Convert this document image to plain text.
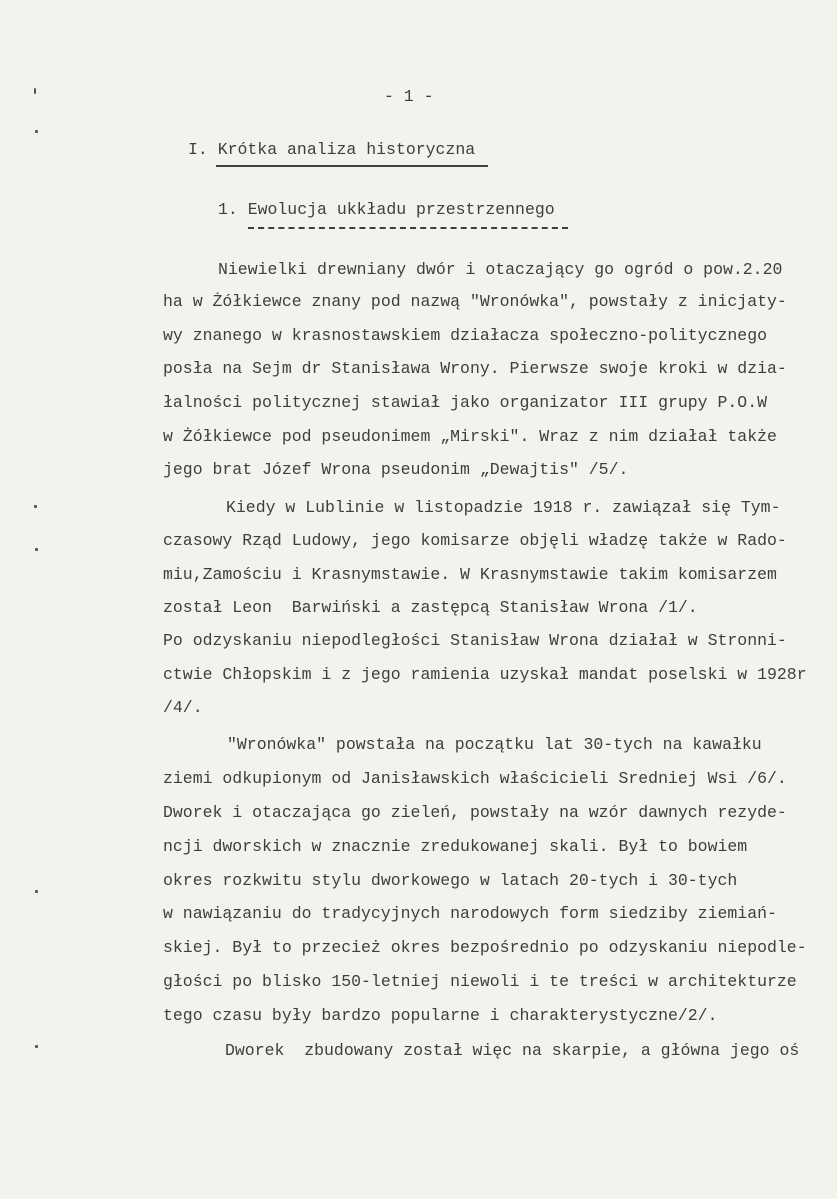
- 1 -
I. Krótka analiza historyczna
1. Ewolucja ukkładu przestrzennego
Niewielki drewniany dwór i otaczający go ogród o pow.2.20
ha w Żółkiewce znany pod nazwą "Wronówka", powstały z inicjaty-
wy znanego w krasnostawskiem działacza społeczno-politycznego
posła na Sejm dr Stanisława Wrony. Pierwsze swoje kroki w dzia-
łalności politycznej stawiał jako organizator III grupy P.O.W
w Żółkiewce pod pseudonimem „Mirski". Wraz z nim działał także
jego brat Józef Wrona pseudonim „Dewajtis" /5/.
Kiedy w Lublinie w listopadzie 1918 r. zawiązał się Tym-
czasowy Rząd Ludowy, jego komisarze objęli władzę także w Rado-
miu,Zamościu i Krasnymstawie. W Krasnymstawie takim komisarzem
został Leon  Barwiński a zastępcą Stanisław Wrona /1/.
Po odzyskaniu niepodległości Stanisław Wrona działał w Stronni-
ctwie Chłopskim i z jego ramienia uzyskał mandat poselski w 1928r
/4/.
"Wronówka" powstała na początku lat 30-tych na kawałku
ziemi odkupionym od Janisławskich właścicieli Sredniej Wsi /6/.
Dworek i otaczająca go zieleń, powstały na wzór dawnych rezyde-
ncji dworskich w znacznie zredukowanej skali. Był to bowiem
okres rozkwitu stylu dworkowego w latach 20-tych i 30-tych
w nawiązaniu do tradycyjnych narodowych form siedziby ziemiań-
skiej. Był to przecież okres bezpośrednio po odzyskaniu niepodle-
głości po blisko 150-letniej niewoli i te treści w architekturze
tego czasu były bardzo popularne i charakterystyczne/2/.
Dworek  zbudowany został więc na skarpie, a główna jego oś
